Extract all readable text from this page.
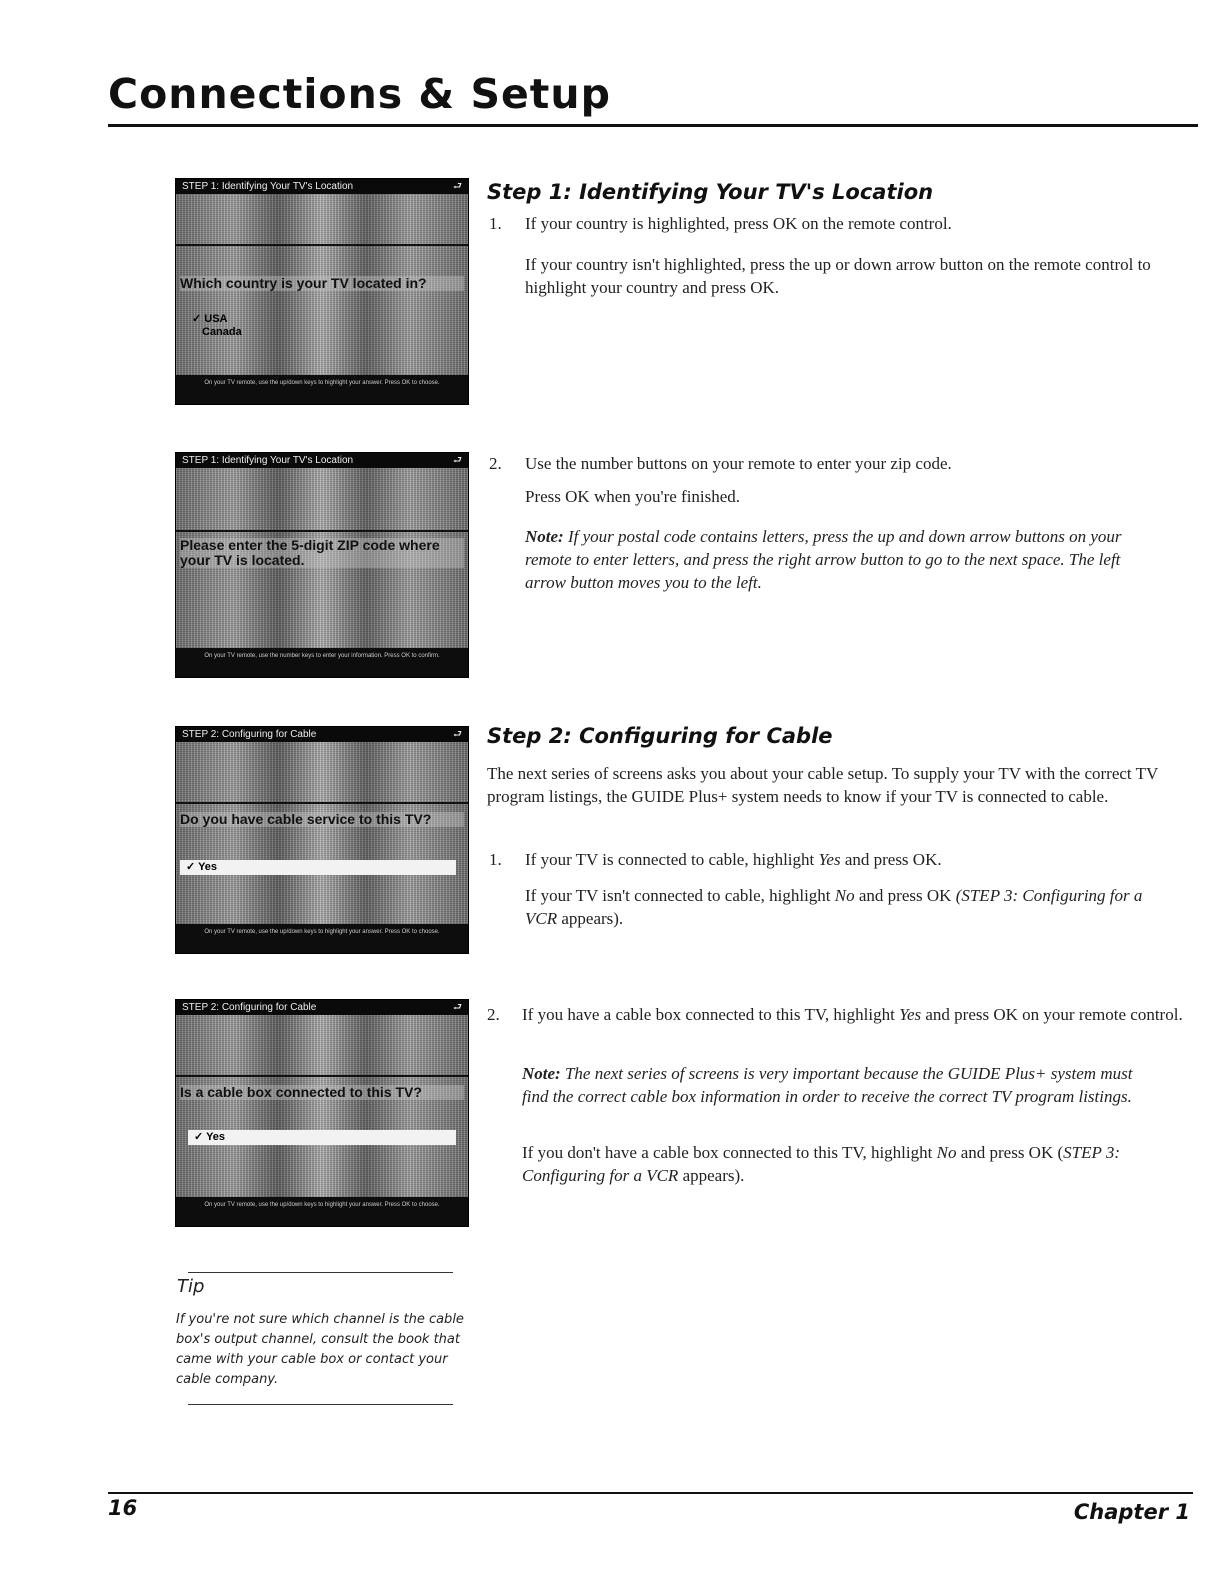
Connections & Setup
STEP 1: Identifying Your TV's Location	⮐
Which country is your TV located in?
✓ USA
Canada
On your TV remote, use the up/down keys to highlight your answer. Press OK to choose.
STEP 1: Identifying Your TV's Location	⮐
Please enter the 5-digit ZIP code where your TV is located.
On your TV remote, use the number keys to enter your information. Press OK to confirm.
STEP 2: Configuring for Cable	⮐
Do you have cable service to this TV?
✓ Yes
On your TV remote, use the up/down keys to highlight your answer. Press OK to choose.
STEP 2: Configuring for Cable	⮐
Is a cable box connected to this TV?
✓ Yes
On your TV remote, use the up/down keys to highlight your answer. Press OK to choose.
Step 1: Identifying Your TV's Location
1. If your country is highlighted, press OK on the remote control.

If your country isn't highlighted, press the up or down arrow button on the remote control to highlight your country and press OK.

2. Use the number buttons on your remote to enter your zip code.

Press OK when you're finished.

Note: If your postal code contains letters, press the up and down arrow buttons on your remote to enter letters, and press the right arrow button to go to the next space. The left arrow button moves you to the left.

Step 2: Configuring for Cable

The next series of screens asks you about your cable setup. To supply your TV with the correct TV program listings, the GUIDE Plus+ system needs to know if your TV is connected to cable.

1. If your TV is connected to cable, highlight Yes and press OK.

If your TV isn't connected to cable, highlight No and press OK (STEP 3: Configuring for a VCR appears).

2. If you have a cable box connected to this TV, highlight Yes and press OK on your remote control.

Note: The next series of screens is very important because the GUIDE Plus+ system must find the correct cable box information in order to receive the correct TV program listings.

If you don't have a cable box connected to this TV, highlight No and press OK (STEP 3: Configuring for a VCR appears).

Tip
If you're not sure which channel is the cable box's output channel, consult the book that came with your cable box or contact your cable company.
16	Chapter 1
